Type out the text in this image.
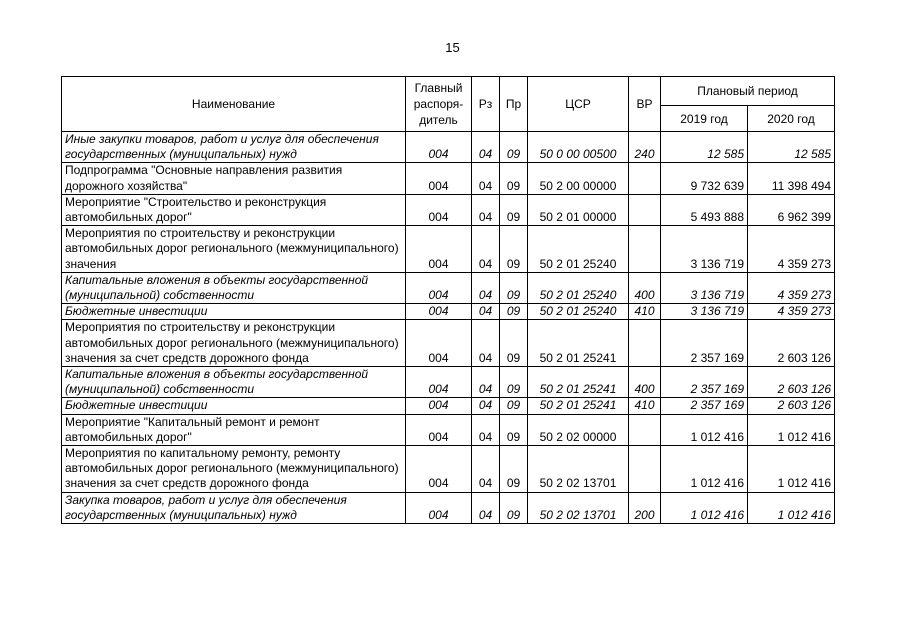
15
Наименование	Главный распоря-дитель	Рз	Пр	ЦСР	ВР	Плановый период	
						2019 год	2020 год
Иные закупки товаров, работ и услуг для обеспечения государственных (муниципальных) нужд	004	04	09	50 0 00 00500	240	12 585	12 585
Подпрограмма "Основные направления развития дорожного хозяйства"	004	04	09	50 2 00 00000		9 732 639	11 398 494
Мероприятие "Строительство и реконструкция автомобильных дорог"	004	04	09	50 2 01 00000		5 493 888	6 962 399
Мероприятия по строительству и реконструкции автомобильных дорог регионального (межмуниципального) значения	004	04	09	50 2 01 25240		3 136 719	4 359 273
Капитальные вложения в объекты государственной (муниципальной) собственности	004	04	09	50 2 01 25240	400	3 136 719	4 359 273
Бюджетные инвестиции	004	04	09	50 2 01 25240	410	3 136 719	4 359 273
Мероприятия по строительству и реконструкции автомобильных дорог регионального (межмуниципального) значения за счет средств дорожного фонда	004	04	09	50 2 01 25241		2 357 169	2 603 126
Капитальные вложения в объекты государственной (муниципальной) собственности	004	04	09	50 2 01 25241	400	2 357 169	2 603 126
Бюджетные инвестиции	004	04	09	50 2 01 25241	410	2 357 169	2 603 126
Мероприятие "Капитальный ремонт и ремонт автомобильных дорог"	004	04	09	50 2 02 00000		1 012 416	1 012 416
Мероприятия по капитальному ремонту, ремонту автомобильных дорог регионального (межмуниципального) значения за счет средств дорожного фонда	004	04	09	50 2 02 13701		1 012 416	1 012 416
Закупка товаров, работ и услуг для обеспечения государственных (муниципальных) нужд	004	04	09	50 2 02 13701	200	1 012 416	1 012 416
